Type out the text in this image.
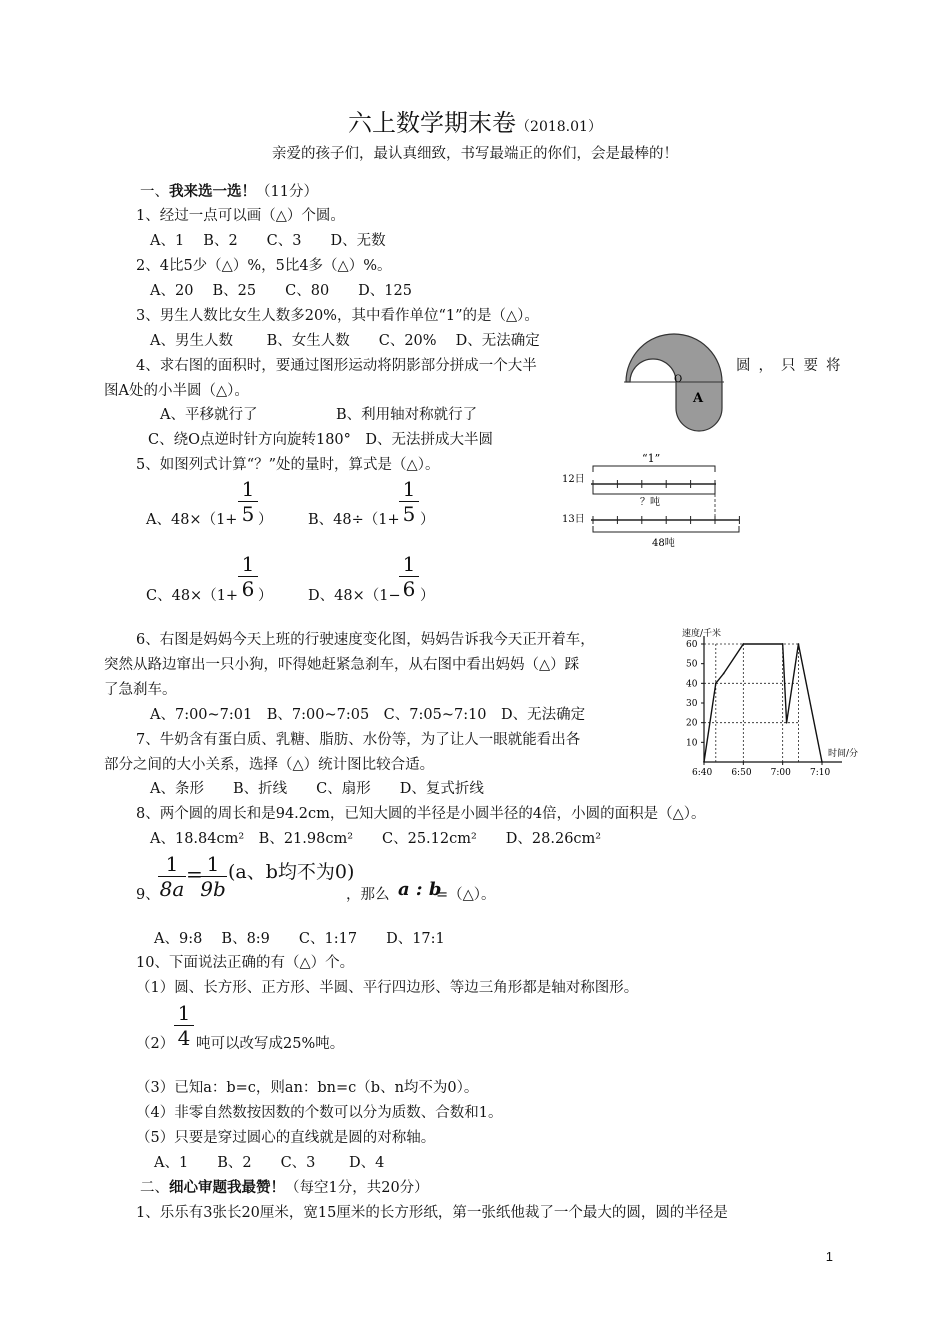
六上数学期末卷（2018.01）
亲爱的孩子们，最认真细致，书写最端正的你们，会是最棒的！
一、我来选一选！（11分）
1、经过一点可以画（△）个圆。
A、1　 B、2　　C、3　　D、无数
2、4比5少（△）%，5比4多（△）%。
A、20　 B、25　　C、80　　D、125
3、男生人数比女生人数多20%，其中看作单位“1”的是（△）。
A、男生人数　　 B、女生人数　　C、20%　 D、无法确定
4、求右图的面积时，要通过图形运动将阴影部分拼成一个大半	圆，只要将
图A处的小半圆（△）。
A、平移就行了	B、利用轴对称就行了
C、绕O点逆时针方向旋转180°　D、无法拼成大半圆
O
A
5、如图列式计算“？”处的量时，算式是（△）。
A、48×（1+
1
5 ） B、48÷（1+
1
5 ）
C、48×（1+
1
6 ） D、48×（1−
1
6 ）
“1”
12日
？吨
13日
48吨
6、右图是妈妈今天上班的行驶速度变化图，妈妈告诉我今天正开着车，
突然从路边窜出一只小狗，吓得她赶紧急刹车，从右图中看出妈妈（△）踩
了急刹车。
A、7:00~7:01　B、7:00~7:05　C、7:05~7:10　D、无法确定
速度/千米
时间/分
10
20
30
40
50
60
6:40 6:50 7:00 7:10
7、牛奶含有蛋白质、乳糖、脂肪、水份等，为了让人一眼就能看出各
部分之间的大小关系，选择（△）统计图比较合适。
A、条形　　B、折线　　C、扇形　　D、复式折线
8、两个圆的周长和是94.2cm，已知大圆的半径是小圆半径的4倍，小圆的面积是（△）。
A、18.84cm²　B、21.98cm²　　C、25.12cm²　　D、28.26cm²
9、
1
8a
= 1
9b
(a、b均不为0)
，那么 a : b
=（△）。
A、9:8　 B、8:9　　C、1:17　　D、17:1
10、下面说法正确的有（△）个。
（1）圆、长方形、正方形、半圆、平行四边形、等边三角形都是轴对称图形。
（2）
1
4 吨可以改写成25%吨。
（3）已知a：b=c，则an：bn=c（b、n均不为0）。
（4）非零自然数按因数的个数可以分为质数、合数和1。
（5）只要是穿过圆心的直线就是圆的对称轴。
A、1　　B、2　　C、3　　 D、4
二、细心审题我最赞！（每空1分，共20分）
1、乐乐有3张长20厘米，宽15厘米的长方形纸，第一张纸他裁了一个最大的圆，圆的半径是
1
